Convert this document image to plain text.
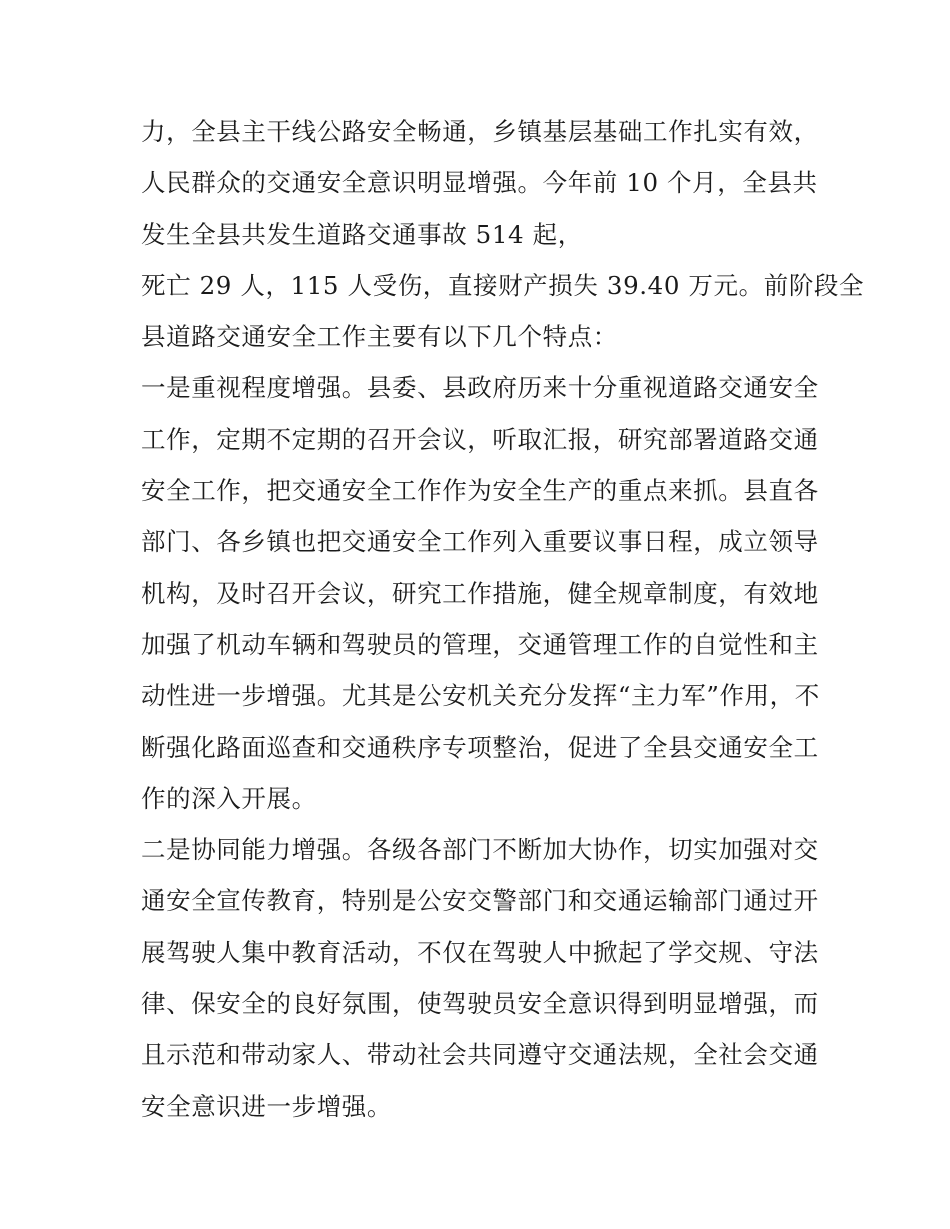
力，全县主干线公路安全畅通，乡镇基层基础工作扎实有效，
人民群众的交通安全意识明显增强。今年前 10 个月，全县共
发生全县共发生道路交通事故 514 起，
死亡 29 人，115 人受伤，直接财产损失 39.40 万元。前阶段全
县道路交通安全工作主要有以下几个特点：
一是重视程度增强。县委、县政府历来十分重视道路交通安全
工作，定期不定期的召开会议，听取汇报，研究部署道路交通
安全工作，把交通安全工作作为安全生产的重点来抓。县直各
部门、各乡镇也把交通安全工作列入重要议事日程，成立领导
机构，及时召开会议，研究工作措施，健全规章制度，有效地
加强了机动车辆和驾驶员的管理，交通管理工作的自觉性和主
动性进一步增强。尤其是公安机关充分发挥“主力军”作用，不
断强化路面巡查和交通秩序专项整治，促进了全县交通安全工
作的深入开展。
二是协同能力增强。各级各部门不断加大协作，切实加强对交
通安全宣传教育，特别是公安交警部门和交通运输部门通过开
展驾驶人集中教育活动，不仅在驾驶人中掀起了学交规、守法
律、保安全的良好氛围，使驾驶员安全意识得到明显增强，而
且示范和带动家人、带动社会共同遵守交通法规，全社会交通
安全意识进一步增强。
